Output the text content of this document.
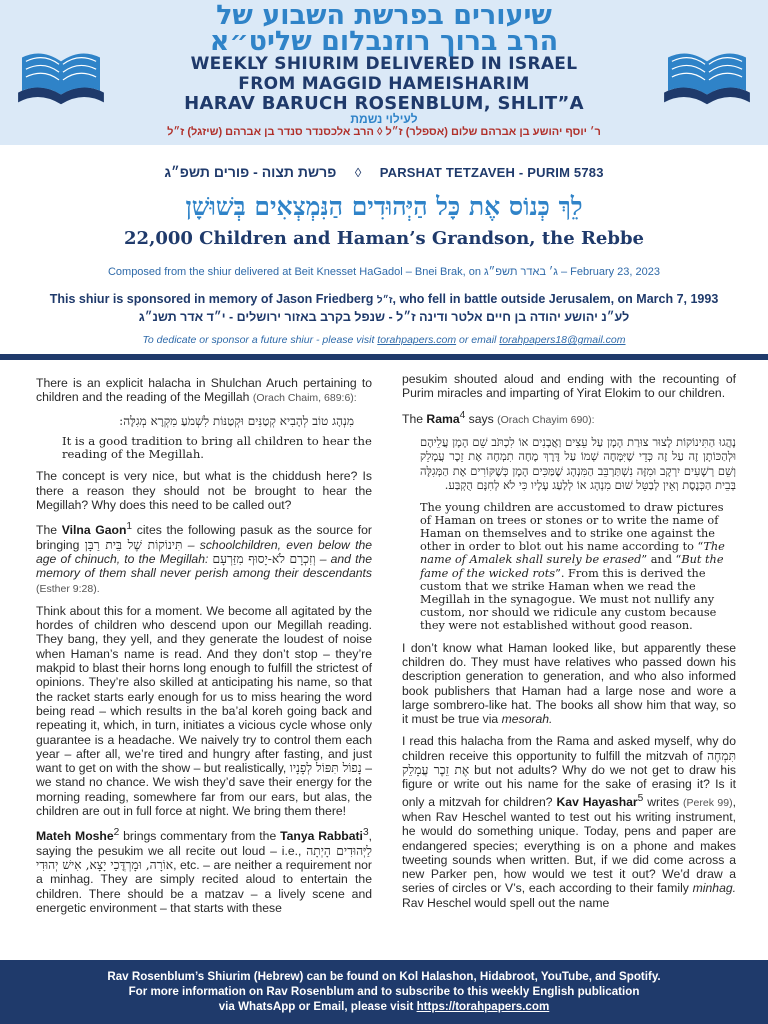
שיעורים בפרשת השבוע של
הרב ברוך רוזנבלום שליט״א
WEEKLY SHIURIM DELIVERED IN ISRAEL
FROM MAGGID HAMEISHARIM
HARAV BARUCH ROSENBLUM, SHLIT”A
לעילוי נשמת
ר׳ יוסף יהושע בן אברהם שלום (אספלר) ז״ל ◊ הרב אלכסנדר סנדר בן אברהם (שיזגל) ז״ל
פרשת תצוה - פורים תשפ״ג ◊ PARSHAT TETZAVEH - PURIM 5783
לֵךְ כְּנוֹס אֶת כָּל הַיְּהוּדִים הַנִּמְצְאִים בְּשׁוּשָׁן
22,000 Children and Haman’s Grandson, the Rebbe
Composed from the shiur delivered at Beit Knesset HaGadol – Bnei Brak, on ג׳ באדר תשפ״ג – February 23, 2023
This shiur is sponsored in memory of Jason Friedberg ז״ל, who fell in battle outside Jerusalem, on March 7, 1993
לע״נ יהושע יהודה בן חיים אלטר ודינה ז״ל - שנפל בקרב באזור ירושלים - י״ד אדר תשנ״ג
To dedicate or sponsor a future shiur - please visit torahpapers.com or email torahpapers18@gmail.com

There is an explicit halacha in Shulchan Aruch pertaining to children and the reading of the Megillah (Orach Chaim, 689:6):

מִנְהָג טוֹב לְהָבִיא קְטַנִּים וּקְטַנּוֹת לִשְׁמֹעַ מִקְרָא מְגִלָּה:
It is a good tradition to bring all children to hear the reading of the Megillah.

The concept is very nice, but what is the chiddush here? Is there a reason they should not be brought to hear the Megillah? Why does this need to be called out?

The Vilna Gaon$^1$ cites the following pasuk as the source for bringing תִּינוֹקוֹת שֶׁל בֵּית רַבָּן – schoolchildren, even below the age of chinuch, to the Megillah: וְזִכְרָם לֹא-יָסוּף מִזַּרְעָם – and the memory of them shall never perish among their descendants (Esther 9:28).

Think about this for a moment. We become all agitated by the hordes of children who descend upon our Megillah reading. They bang, they yell, and they generate the loudest of noise when Haman’s name is read. And they don’t stop – they’re makpid to blast their horns long enough to fulfill the strictest of opinions. They’re also skilled at anticipating his name, so that the racket starts early enough for us to miss hearing the word being read – which results in the ba’al koreh going back and repeating it, which, in turn, initiates a vicious cycle whose only guarantee is a headache. We naively try to control them each year – after all, we’re tired and hungry after fasting, and just want to get on with the show – but realistically, נָפוֹל תִּפּוֹל לְפָנָיו – we stand no chance. We wish they’d save their energy for the morning reading, somewhere far from our ears, but alas, the children are out in full force at night. We bring them there!

Mateh Moshe$^2$ brings commentary from the Tanya Rabbati$^3$, saying the pesukim we all recite out loud – i.e., לַיְּהוּדִים הָיְתָה אוֹרָה, וּמָרְדֳּכַי יָצָא, אִישׁ יְהוּדִי, etc. – are neither a requirement nor a minhag. They are simply recited aloud to entertain the children. There should be a matzav – a lively scene and energetic environment – that starts with these

pesukim shouted aloud and ending with the recounting of Purim miracles and imparting of Yirat Elokim to our children.

The Rama$^4$ says (Orach Chayim 690):

נָהֲגוּ הַתִּינוֹקוֹת לָצוּר צוּרַת הָמָן עַל עֵצִים וַאֲבָנִים אוֹ לִכְתֹּב שֵׁם הָמָן עֲלֵיהֶם וּלְהַכּוֹתָן זֶה עַל זֶה כְּדֵי שֶׁיִּמָּחֶה שְׁמוֹ עַל דֶּרֶךְ מֶחֶה תִמְחֶה אֶת זֵכֶר עֲמָלֵק וְשֵׁם רְשָׁעִים יִרְקָב וּמִזֶּה נִשְׁתַּרְבֵּב הַמִּנְהָג שֶׁמַּכִּים הָמָן כְּשֶׁקּוֹרִים אֶת הַמְּגִלָּה בְּבֵית הַכְּנֶסֶת וְאֵין לְבַטֵּל שׁוּם מִנְהָג אוֹ לְלַעַג עָלָיו כִּי לֹא לְחִנָּם הֻקְבַּע.
The young children are accustomed to draw pictures of Haman on trees or stones or to write the name of Haman on themselves and to strike one against the other in order to blot out his name according to “The name of Amalek shall surely be erased” and “But the fame of the wicked rots”. From this is derived the custom that we strike Haman when we read the Megillah in the synagogue. We must not nullify any custom, nor should we ridicule any custom because they were not established without good reason.

I don’t know what Haman looked like, but apparently these children do. They must have relatives who passed down his description generation to generation, and who also informed book publishers that Haman had a large nose and wore a large sombrero-like hat. The books all show him that way, so it must be true via mesorah.

I read this halacha from the Rama and asked myself, why do children receive this opportunity to fulfill the mitzvah of תִּמְחֶה אֶת זֵכֶר עֲמָלֵק but not adults? Why do we not get to draw his figure or write out his name for the sake of erasing it? Is it only a mitzvah for children? Kav Hayashar$^5$ writes (Perek 99), when Rav Heschel wanted to test out his writing instrument, he would do something unique. Today, pens and paper are endangered species; everything is on a phone and makes tweeting sounds when written. But, if we did come across a new Parker pen, how would we test it out? We’d draw a series of circles or V’s, each according to their family minhag. Rav Heschel would spell out the name

Rav Rosenblum’s Shiurim (Hebrew) can be found on Kol Halashon, Hidabroot, YouTube, and Spotify.
For more information on Rav Rosenblum and to subscribe to this weekly English publication
via WhatsApp or Email, please visit https://torahpapers.com
